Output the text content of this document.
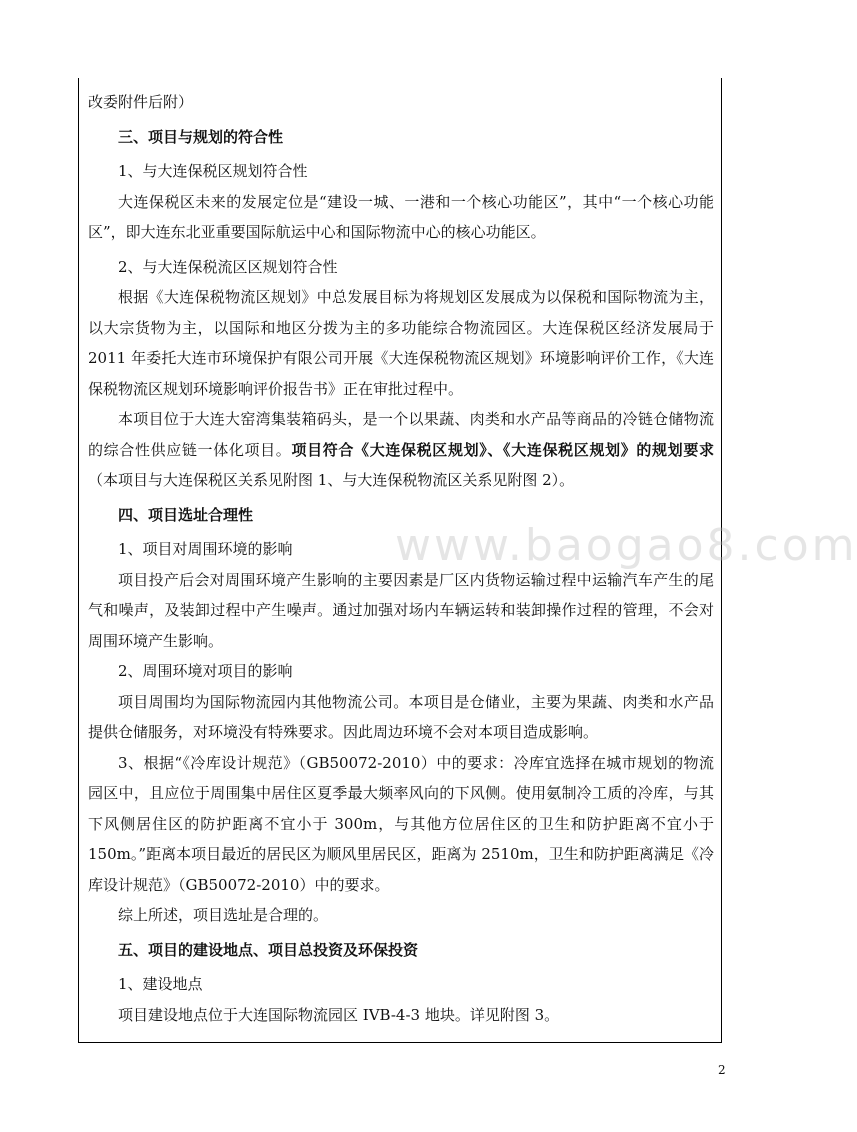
www.baogao8.com

改委附件后附）

三、项目与规划的符合性

1、与大连保税区规划符合性

大连保税区未来的发展定位是“建设一城、一港和一个核心功能区”，其中“一个核心功能区”，即大连东北亚重要国际航运中心和国际物流中心的核心功能区。

2、与大连保税流区区规划符合性

根据《大连保税物流区规划》中总发展目标为将规划区发展成为以保税和国际物流为主，以大宗货物为主，以国际和地区分拨为主的多功能综合物流园区。大连保税区经济发展局于 2011 年委托大连市环境保护有限公司开展《大连保税物流区规划》环境影响评价工作，《大连保税物流区规划环境影响评价报告书》正在审批过程中。

本项目位于大连大窑湾集装箱码头，是一个以果蔬、肉类和水产品等商品的冷链仓储物流的综合性供应链一体化项目。项目符合《大连保税区规划》、《大连保税区规划》的规划要求（本项目与大连保税区关系见附图 1、与大连保税物流区关系见附图 2）。

四、项目选址合理性

1、项目对周围环境的影响

项目投产后会对周围环境产生影响的主要因素是厂区内货物运输过程中运输汽车产生的尾气和噪声，及装卸过程中产生噪声。通过加强对场内车辆运转和装卸操作过程的管理，不会对周围环境产生影响。

2、周围环境对项目的影响

项目周围均为国际物流园内其他物流公司。本项目是仓储业，主要为果蔬、肉类和水产品提供仓储服务，对环境没有特殊要求。因此周边环境不会对本项目造成影响。

3、根据“《冷库设计规范》（GB50072-2010）中的要求：冷库宜选择在城市规划的物流园区中，且应位于周围集中居住区夏季最大频率风向的下风侧。使用氨制冷工质的冷库，与其下风侧居住区的防护距离不宜小于 300m，与其他方位居住区的卫生和防护距离不宜小于 150m。”距离本项目最近的居民区为顺风里居民区，距离为 2510m，卫生和防护距离满足《冷库设计规范》（GB50072-2010）中的要求。

综上所述，项目选址是合理的。

五、项目的建设地点、项目总投资及环保投资

1、建设地点

项目建设地点位于大连国际物流园区 IVB-4-3 地块。详见附图 3。

2
